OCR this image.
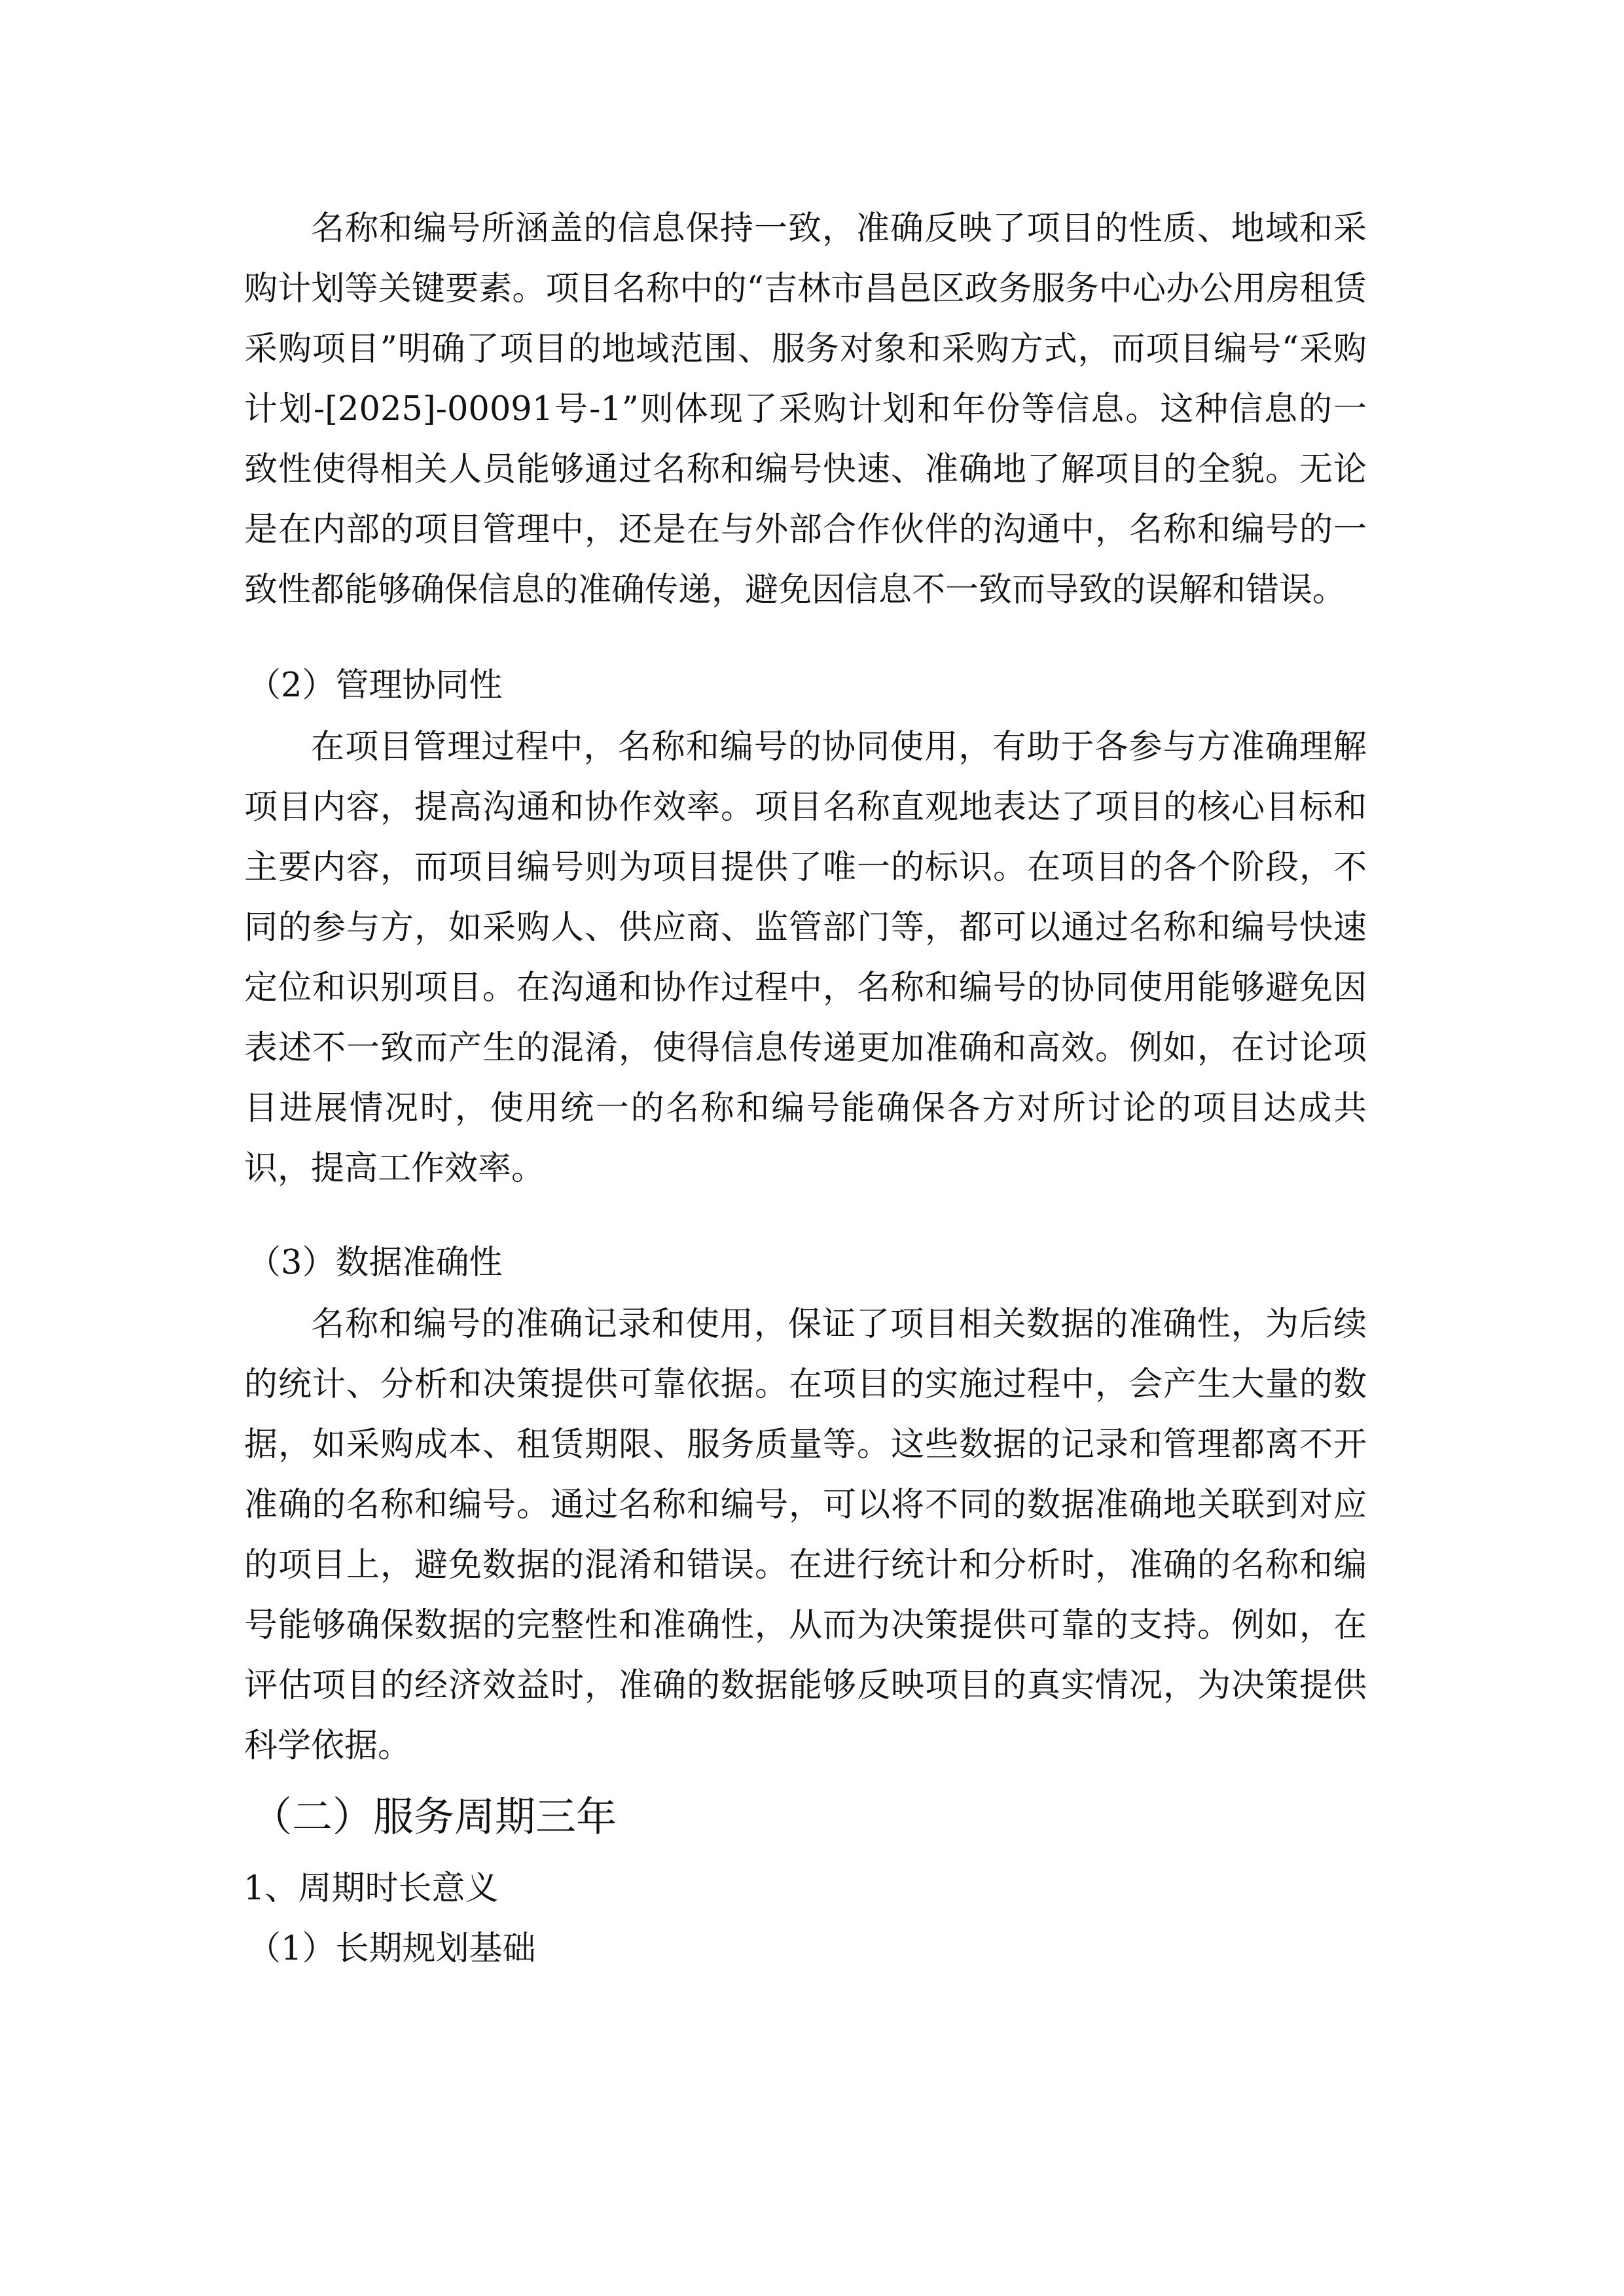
名称和编号所涵盖的信息保持一致，准确反映了项目的性质、地域和采购计划等关键要素。项目名称中的“吉林市昌邑区政务服务中心办公用房租赁采购项目”明确了项目的地域范围、服务对象和采购方式，而项目编号“采购计划-[2025]-00091号-1”则体现了采购计划和年份等信息。这种信息的一致性使得相关人员能够通过名称和编号快速、准确地了解项目的全貌。无论是在内部的项目管理中，还是在与外部合作伙伴的沟通中，名称和编号的一致性都能够确保信息的准确传递，避免因信息不一致而导致的误解和错误。

（2）管理协同性

在项目管理过程中，名称和编号的协同使用，有助于各参与方准确理解项目内容，提高沟通和协作效率。项目名称直观地表达了项目的核心目标和主要内容，而项目编号则为项目提供了唯一的标识。在项目的各个阶段，不同的参与方，如采购人、供应商、监管部门等，都可以通过名称和编号快速定位和识别项目。在沟通和协作过程中，名称和编号的协同使用能够避免因表述不一致而产生的混淆，使得信息传递更加准确和高效。例如，在讨论项目进展情况时，使用统一的名称和编号能确保各方对所讨论的项目达成共识，提高工作效率。

（3）数据准确性

名称和编号的准确记录和使用，保证了项目相关数据的准确性，为后续的统计、分析和决策提供可靠依据。在项目的实施过程中，会产生大量的数据，如采购成本、租赁期限、服务质量等。这些数据的记录和管理都离不开准确的名称和编号。通过名称和编号，可以将不同的数据准确地关联到对应的项目上，避免数据的混淆和错误。在进行统计和分析时，准确的名称和编号能够确保数据的完整性和准确性，从而为决策提供可靠的支持。例如，在评估项目的经济效益时，准确的数据能够反映项目的真实情况，为决策提供科学依据。

（二）服务周期三年

1、周期时长意义

（1）长期规划基础
